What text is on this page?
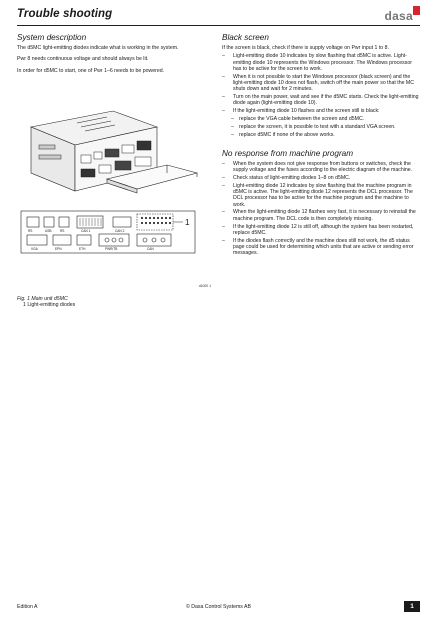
Trouble shooting	dasa
System description

The d5MC light-emitting diodes indicate what is working in the system.

Pwr 8 needs continuous voltage and should always be lit.

In order for d5MC to start, one of Pwr 1–6 needs to be powered.

RS	USB	RS	CAN 1	CAN 2
VGA	EPN	ETH	PWR/TB	CAN
1
d1000 1
Fig. 1 Main unit d5MC
1 Light-emitting diodes
Black screen

If the screen is black, check if there is supply voltage on Pwr input 1 to 8.

– Light-emitting diode 10 indicates by slow flashing that d5MC is active. Light-emitting diode 10 represents the Windows processor. The Windows processor has to be active for the screen to work.
– When it is not possible to start the Windows processor (black screen) and the light-emitting diode 10 does not flash, switch off the main power so that the MC shuts down and wait for 2 minutes.
– Turn on the main power, wait and see if the d5MC starts. Check the light-emitting diode again (light-emitting diode 10).
– If the light-emitting diode 10 flashes and the screen still is black:
– replace the VGA cable between the screen and d5MC.
– replace the screen, it is possible to test with a standard VGA screen.
– replace d5MC if none of the above works.
No response from machine program
– When the system does not give response from buttons or switches, check the supply voltage and the fuses according to the electric diagram of the machine.
– Check status of light-emitting diodes 1–8 on d5MC.
– Light-emitting diode 12 indicates by slow flashing that the machine program in d5MC is active. The light-emitting diode 12 represents the DCL processor. The DCL processor has to be active for the machine program and the machine to work.
– When the light-emitting diode 12 flashes very fast, it is necessary to reinstall the machine program. The DCL code is then completely missing.
– If the light-emitting diode 12 is still off, although the system has been restarted, replace d5MC.
– If the diodes flash correctly and the machine does still not work, the d5 status page could be used for determining which units that are active or sending error messages.
Edition A	© Dasa Control Systems AB	1
